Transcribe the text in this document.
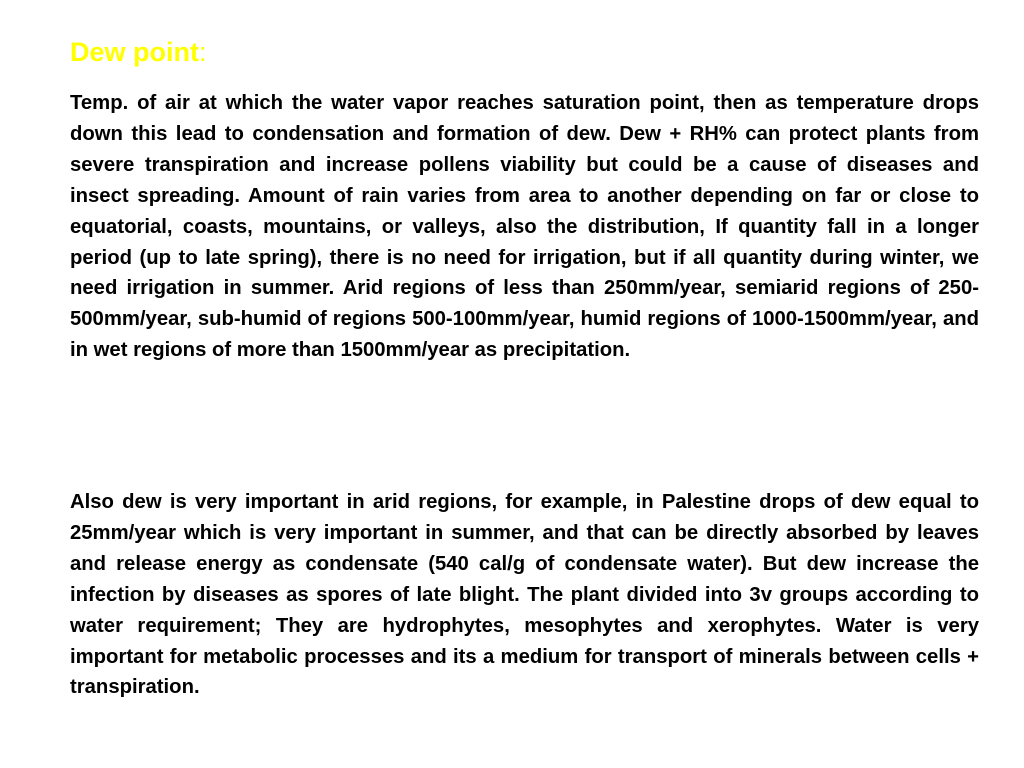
Dew point:

Temp. of air at which the water vapor reaches saturation point, then as temperature drops down this lead to condensation and formation of dew. Dew + RH% can protect plants from severe transpiration and increase pollens viability but could be a cause of diseases and insect spreading. Amount of rain varies from area to another depending on far or close to equatorial, coasts, mountains, or valleys, also the distribution, If quantity fall in a longer period (up to late spring), there is no need for irrigation, but if all quantity during winter, we need irrigation in summer. Arid regions of less than 250mm/year, semiarid regions of 250-500mm/year, sub-humid of regions 500-100mm/year, humid regions of 1000-1500mm/year, and in wet regions of more than 1500mm/year as precipitation.

Also dew is very important in arid regions, for example, in Palestine drops of dew equal to 25mm/year which is very important in summer, and that can be directly absorbed by leaves and release energy as condensate (540 cal/g of condensate water). But dew increase the infection by diseases as spores of late blight. The plant divided into 3v groups according to water requirement; They are hydrophytes, mesophytes and xerophytes. Water is very important for metabolic processes and its a medium for transport of minerals between cells + transpiration.
